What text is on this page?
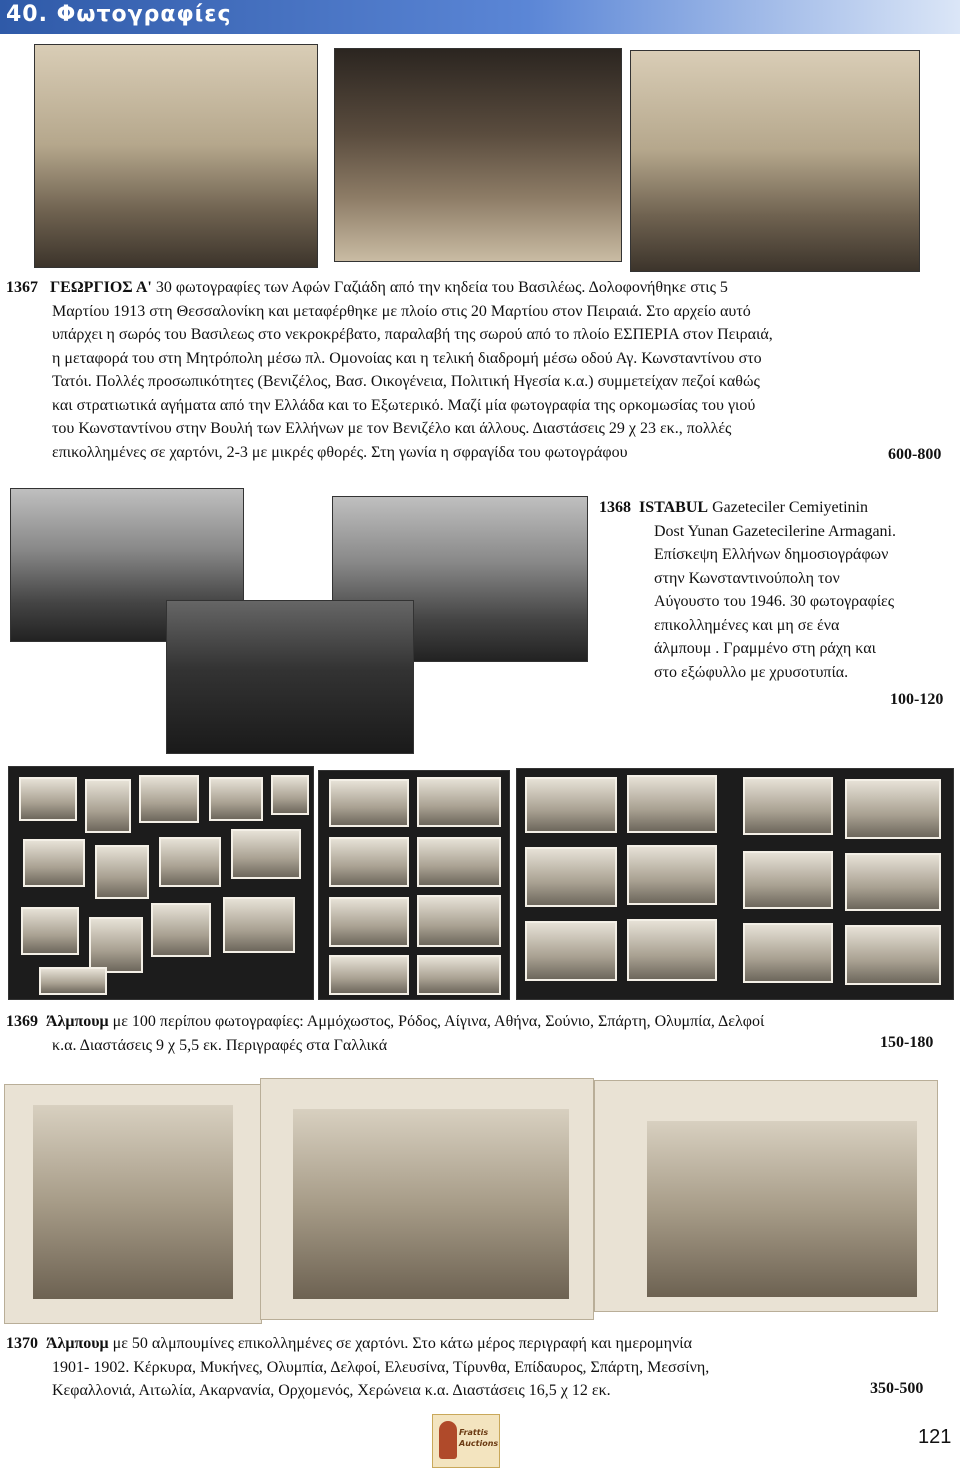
40. Φωτογραφίες
1367 ΓΕΩΡΓΙΟΣ Α' 30 φωτογραφίες των Αφών Γαζιάδη από την κηδεία του Βασιλέως. Δολοφονήθηκε στις 5
Μαρτίου 1913 στη Θεσσαλονίκη και μεταφέρθηκε με πλοίο στις 20 Μαρτίου στον Πειραιά. Στο αρχείο αυτό
υπάρχει η σωρός του Βασιλεως στο νεκροκρέβατο, παραλαβή της σωρού από το πλοίο ΕΣΠΕΡΙΑ στον Πειραιά,
η μεταφορά του στη Μητρόπολη μέσω πλ. Ομονοίας και η τελική διαδρομή μέσω οδού Αγ. Κωνσταντίνου στο
Τατόι. Πολλές προσωπικότητες (Βενιζέλος, Βασ. Οικογένεια, Πολιτική Ηγεσία κ.α.) συμμετείχαν πεζοί καθώς
και στρατιωτικά αγήματα από την Ελλάδα και το Εξωτερικό. Μαζί μία φωτογραφία της ορκομωσίας του γιού
του Κωνσταντίνου στην Βουλή των Ελλήνων με τον Βενιζέλο και άλλους. Διαστάσεις 29 χ 23 εκ., πολλές
επικολλημένες σε χαρτόνι, 2-3 με μικρές φθορές. Στη γωνία η σφραγίδα του φωτογράφου	600-800
1368 ISTABUL Gazeteciler Cemiyetinin
Dost Yunan Gazetecilerine Armagani.
Επίσκεψη Ελλήνων δημοσιογράφων
στην Κωνσταντινούπολη τον
Αύγουστο του 1946. 30 φωτογραφίες
επικολλημένες και μη σε ένα
άλμπουμ . Γραμμένο στη ράχη και
στο εξώφυλλο με χρυσοτυπία.
100-120
1369 Άλμπουμ με 100 περίπου φωτογραφίες: Αμμόχωστος, Ρόδος, Αίγινα, Αθήνα, Σούνιο, Σπάρτη, Ολυμπία, Δελφοί
κ.α. Διαστάσεις 9 χ 5,5 εκ. Περιγραφές στα Γαλλικά	150-180
1370 Άλμπουμ με 50 αλμπουμίνες επικολλημένες σε χαρτόνι. Στο κάτω μέρος περιγραφή και ημερομηνία
1901- 1902. Κέρκυρα, Μυκήνες, Ολυμπία, Δελφοί, Ελευσίνα, Τίρυνθα, Επίδαυρος, Σπάρτη, Μεσσίνη,
Κεφαλλονιά, Αιτωλία, Ακαρνανία, Ορχομενός, Χερώνεια κ.α. Διαστάσεις 16,5 χ 12 εκ.	350-500
Frattis
Auctions	121
